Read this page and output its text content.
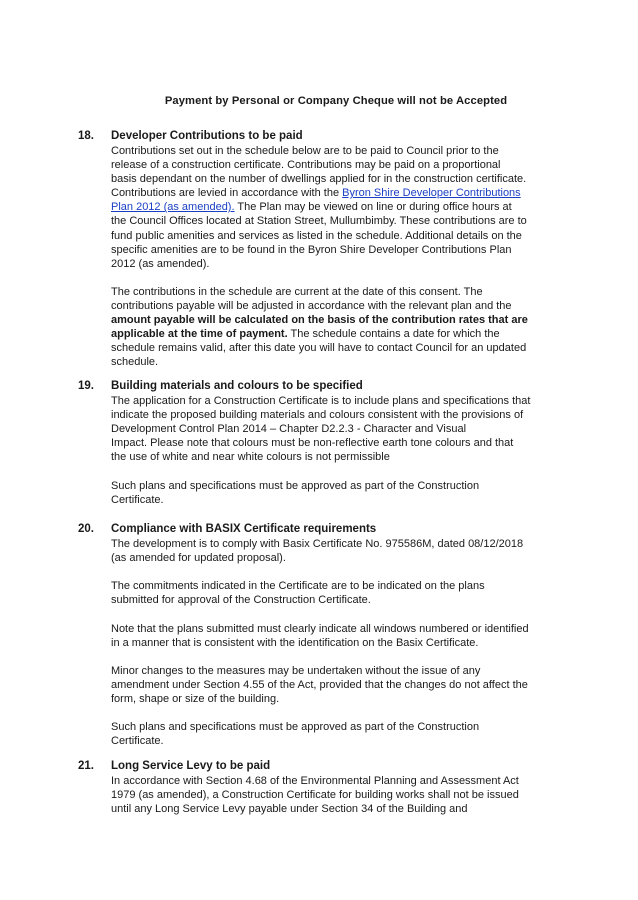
Payment by Personal or Company Cheque will not be Accepted
18. Developer Contributions to be paid

Contributions set out in the schedule below are to be paid to Council prior to the
release of a construction certificate. Contributions may be paid on a proportional
basis dependant on the number of dwellings applied for in the construction certificate.
Contributions are levied in accordance with the Byron Shire Developer Contributions
Plan 2012 (as amended). The Plan may be viewed on line or during office hours at
the Council Offices located at Station Street, Mullumbimby. These contributions are to
fund public amenities and services as listed in the schedule. Additional details on the
specific amenities are to be found in the Byron Shire Developer Contributions Plan
2012 (as amended).

The contributions in the schedule are current at the date of this consent. The
contributions payable will be adjusted in accordance with the relevant plan and the
amount payable will be calculated on the basis of the contribution rates that are
applicable at the time of payment. The schedule contains a date for which the
schedule remains valid, after this date you will have to contact Council for an updated
schedule.

19. Building materials and colours to be specified

The application for a Construction Certificate is to include plans and specifications that
indicate the proposed building materials and colours consistent with the provisions of
Development Control Plan 2014 – Chapter D2.2.3 - Character and Visual
Impact. Please note that colours must be non-reflective earth tone colours and that
the use of white and near white colours is not permissible

Such plans and specifications must be approved as part of the Construction
Certificate.

20. Compliance with BASIX Certificate requirements

The development is to comply with Basix Certificate No. 975586M, dated 08/12/2018
(as amended for updated proposal).

The commitments indicated in the Certificate are to be indicated on the plans
submitted for approval of the Construction Certificate.

Note that the plans submitted must clearly indicate all windows numbered or identified
in a manner that is consistent with the identification on the Basix Certificate.

Minor changes to the measures may be undertaken without the issue of any
amendment under Section 4.55 of the Act, provided that the changes do not affect the
form, shape or size of the building.

Such plans and specifications must be approved as part of the Construction
Certificate.

21. Long Service Levy to be paid

In accordance with Section 4.68 of the Environmental Planning and Assessment Act
1979 (as amended), a Construction Certificate for building works shall not be issued
until any Long Service Levy payable under Section 34 of the Building and
